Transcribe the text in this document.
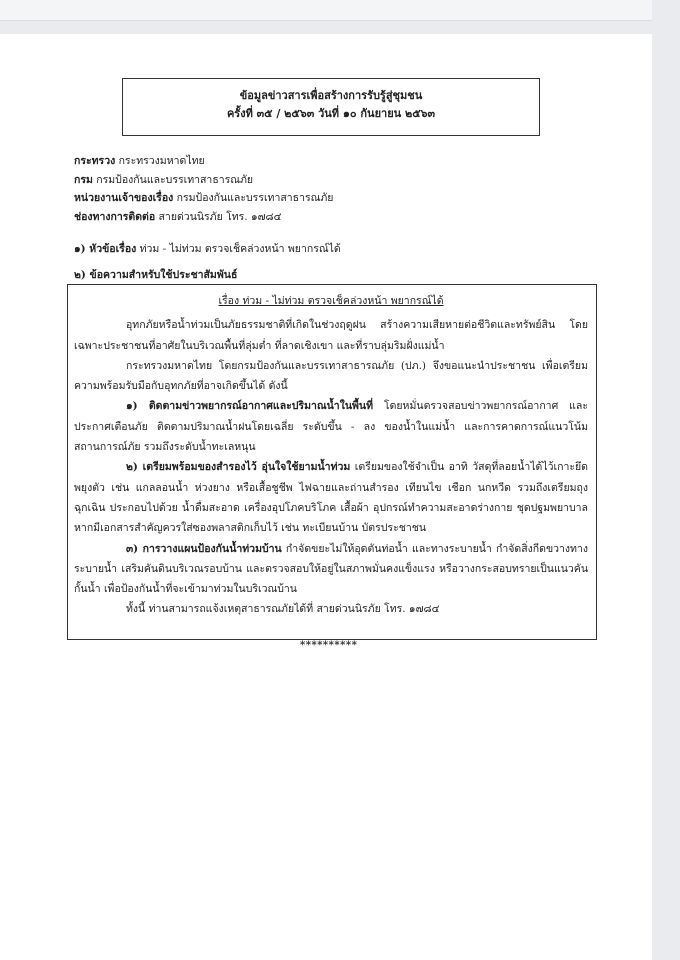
ข้อมูลข่าวสารเพื่อสร้างการรับรู้สู่ชุมชน
ครั้งที่ ๓๕ / ๒๕๖๓ วันที่ ๑๐ กันยายน ๒๕๖๓
กระทรวง กระทรวงมหาดไทย
กรม กรมป้องกันและบรรเทาสาธารณภัย
หน่วยงานเจ้าของเรื่อง กรมป้องกันและบรรเทาสาธารณภัย
ช่องทางการติดต่อ สายด่วนนิรภัย โทร. ๑๗๘๔
๑) หัวข้อเรื่อง ท่วม - ไม่ท่วม ตรวจเช็คล่วงหน้า พยากรณ์ได้
๒) ข้อความสำหรับใช้ประชาสัมพันธ์

เรื่อง ท่วม - ไม่ท่วม ตรวจเช็คล่วงหน้า พยากรณ์ได้

อุทกภัยหรือน้ำท่วมเป็นภัยธรรมชาติที่เกิดในช่วงฤดูฝน สร้างความเสียหายต่อชีวิตและทรัพย์สิน โดยเฉพาะประชาชนที่อาศัยในบริเวณพื้นที่ลุ่มต่ำ ที่ลาดเชิงเขา และที่ราบลุ่มริมฝั่งแม่น้ำ

กระทรวงมหาดไทย โดยกรมป้องกันและบรรเทาสาธารณภัย (ปภ.) จึงขอแนะนำประชาชน เพื่อเตรียมความพร้อมรับมือกับอุทกภัยที่อาจเกิดขึ้นได้ ดังนี้

๑) ติดตามข่าวพยากรณ์อากาศและปริมาณน้ำในพื้นที่ โดยหมั่นตรวจสอบข่าวพยากรณ์อากาศ และประกาศเตือนภัย ติดตามปริมาณน้ำฝนโดยเฉลี่ย ระดับขึ้น - ลง ของน้ำในแม่น้ำ และการคาดการณ์แนวโน้มสถานการณ์ภัย รวมถึงระดับน้ำทะเลหนุน

๒) เตรียมพร้อมของสำรองไว้ อุ่นใจใช้ยามน้ำท่วม เตรียมของใช้จำเป็น อาทิ วัสดุที่ลอยน้ำได้ไว้เกาะยึดพยุงตัว เช่น แกลลอนน้ำ ห่วงยาง หรือเสื้อชูชีพ ไฟฉายและถ่านสำรอง เทียนไข เชือก นกหวีด รวมถึงเตรียมถุงฉุกเฉิน ประกอบไปด้วย น้ำดื่มสะอาด เครื่องอุปโภคบริโภค เสื้อผ้า อุปกรณ์ทำความสะอาดร่างกาย ชุดปฐมพยาบาล หากมีเอกสารสำคัญควรใส่ซองพลาสติกเก็บไว้ เช่น ทะเบียนบ้าน บัตรประชาชน

๓) การวางแผนป้องกันน้ำท่วมบ้าน กำจัดขยะไม่ให้อุดตันท่อน้ำ และทางระบายน้ำ กำจัดสิ่งกีดขวางทางระบายน้ำ เสริมคันดินบริเวณรอบบ้าน และตรวจสอบให้อยู่ในสภาพมั่นคงแข็งแรง หรือวางกระสอบทรายเป็นแนวคันกั้นน้ำ เพื่อป้องกันน้ำที่จะเข้ามาท่วมในบริเวณบ้าน

ทั้งนี้ ท่านสามารถแจ้งเหตุสาธารณภัยได้ที่ สายด่วนนิรภัย โทร. ๑๗๘๔

**********
